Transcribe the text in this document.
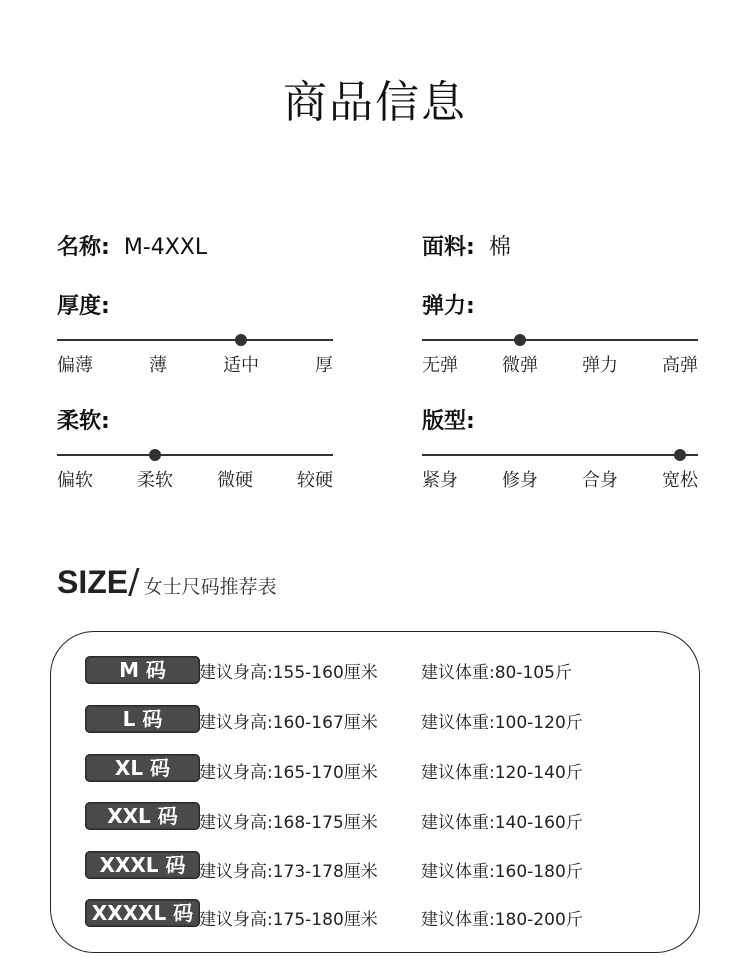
商品信息
名称: M-4XXL	面料: 棉
厚度:
偏薄	薄	适中	厚
弹力:
无弹 微弹 弹力 高弹
柔软:
偏软 柔软 微硬 较硬
版型:
紧身 修身 合身 宽松
SIZE/ 女士尺码推荐表
M 码	建议身高:155-160厘米	建议体重:80-105斤
L 码	建议身高:160-167厘米	建议体重:100-120斤
XL 码	建议身高:165-170厘米	建议体重:120-140斤
XXL 码	建议身高:168-175厘米	建议体重:140-160斤
XXXL 码 建议身高:173-178厘米	建议体重:160-180斤
XXXXL 码 建议身高:175-180厘米	建议体重:180-200斤
